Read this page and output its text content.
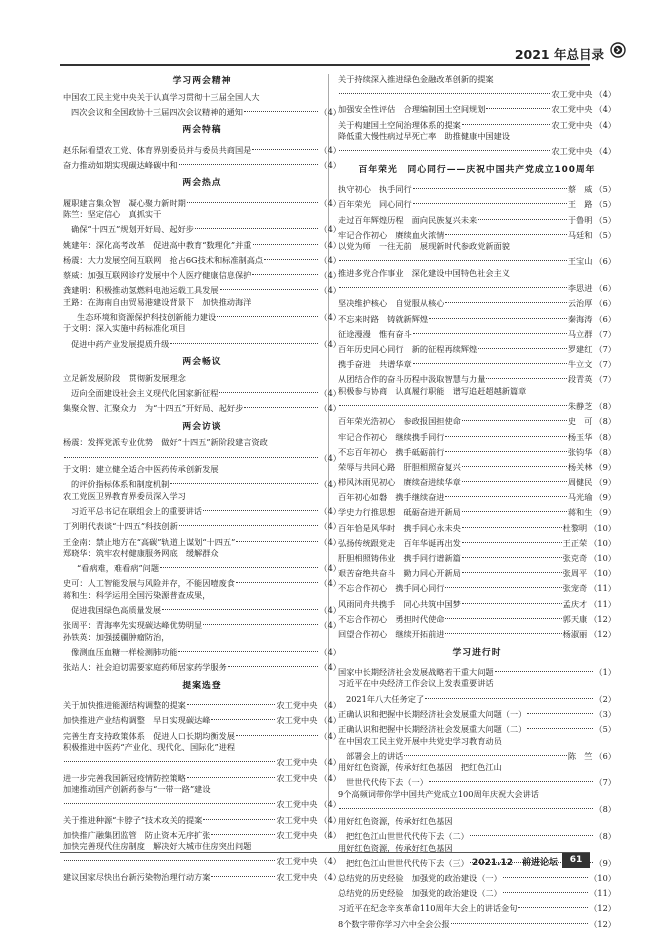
2021 年总目录
学习两会精神
中国农工民主党中央关于认真学习贯彻十三届全国人大
四次会议和全国政协十三届四次会议精神的通知	（4）
两会特稿
赵乐际看望农工党、体育界别委员并与委员共商国是	（4）
奋力推动如期实现碳达峰碳中和	（4）
两会热点
履职建言集众智　凝心聚力新时期	（4）
陈竺：坚定信心　真抓实干
确保“十四五”规划开好局、起好步	（4）
姚建年：深化高考改革　促进高中教育“数理化”并重	（4）
杨震：大力发展空间互联网　抢占6G技术和标准制高点	（4）
蔡威：加强互联网诊疗发展中个人医疗健康信息保护	（4）
龚建明：积极推动氢燃料电池运载工具发展	（4）
王路：在海南自由贸易港建设背景下　加快推动海洋
生态环境和资源保护科技创新能力建设	（4）
于文明：深入实施中药标准化项目
促进中药产业发展提质升级	（4）
两会畅议
立足新发展阶段　贯彻新发展理念
迈向全面建设社会主义现代化国家新征程	（4）
集聚众智、汇聚众力　为“十四五”开好局、起好步	（4）
两会访谈
杨震：发挥党派专业优势　做好“十四五”新阶段建言资政
（4）
于文明：建立健全适合中医药传承创新发展
的评价指标体系和制度机制	（4）
农工党医卫界教育界委员深入学习
习近平总书记在联组会上的重要讲话	（4）
丁列明代表谈“十四五”科技创新	（4）
王金南：禁止地方在“高碳”轨道上谋划“十四五”	（4）
郑晓华：筑牢农村健康服务网底　缓解群众
“看病难，难看病”问题	（4）
史可：人工智能发展与风险并存，不能因噎废食	（4）
蒋和生：科学运用全国污染源普查成果，
促进我国绿色高质量发展	（4）
张周平：青海率先实现碳达峰优势明显	（4）
孙铁英：加强援疆肿瘤防治，
像测血压血糖一样检测肺功能	（4）
张站人：社会迫切需要家庭药师居家药学服务	（4）
提案选登
关于加快推进能源结构调整的提案	农工党中央 （4）
加快推进产业结构调整　早日实现碳达峰	农工党中央 （4）
完善生育支持政策体系　促进人口长期均衡发展	（4）
积极推进中医药“产业化、现代化、国际化”进程
农工党中央 （4）
进一步完善我国新冠疫情防控策略	农工党中央 （4）
加速推动国产创新药参与“一带一路”建设
农工党中央 （4）
关于推进种源“卡脖子”技术攻关的提案	农工党中央 （4）
加快推广融集团监管　防止资本无序扩张	农工党中央 （4）
加快完善现代住房制度　解决好大城市住房突出问题
农工党中央 （4）
建议国家尽快出台新污染物治理行动方案	农工党中央 （4）
关于持续深入推进绿色金融改革创新的提案
农工党中央 （4）
加强安全性评估　合理编制国土空间规划	农工党中央 （4）
关于构建国土空间治理体系的提案	农工党中央 （4）
降低重大慢性病过早死亡率　助推健康中国建设
农工党中央 （4）
百年荣光　同心同行——庆祝中国共产党成立100周年
执守初心　执手同行	蔡　威 （5）
百年荣光　同心同行	王　路 （5）
走过百年辉煌历程　面向民族复兴未来	于鲁明 （5）
牢记合作初心　赓续血火浓情	马廷和 （5）
以党为师　一往无前　展现新时代参政党新面貌
王宝山 （6）
推进多党合作事业　深化建设中国特色社会主义
李思进 （6）
坚决维护核心　自觉服从核心	云治厚 （6）
不忘来时路　铸就新辉煌	秦海涛 （6）
征途漫漫　惟有奋斗	马立群 （7）
百年历史同心同行　新的征程再续辉煌	罗建红 （7）
携手奋进　共谱华章	牛立文 （7）
从团结合作的奋斗历程中汲取智慧与力量	段青英 （7）
积极参与协商　认真履行职能　谱写追赶超越新篇章
朱静芝 （8）
百年荣光浩初心　参政报国担使命	史　可 （8）
牢记合作初心　继续携手同行	杨玉华 （8）
不忘百年初心　携手砥砺前行	张钧华 （8）
荣辱与共同心路　肝胆相照奋复兴	杨关林 （9）
栉风沐雨见初心　赓续奋进续华章	周健民 （9）
百年初心如磐　携手继续奋进	马光瑜 （9）
学史力行推思想　砥砺奋进开新局	蒋和生 （9）
百年恰是风华时　携手同心永未央	杜黎明 （10）
弘扬传统跟党走　百年华诞再出发	王正荣 （10）
肝胆相照铸伟业　携手同行谱新篇	张克奇 （10）
艰苦奋绝共奋斗　勤力同心开新局	张周平 （10）
不忘合作初心　携手同心同行	张宠奇 （11）
风雨同舟共携手　同心共筑中国梦	孟庆才 （11）
不忘合作初心　勇担时代使命	郭天康 （12）
回望合作初心　继续开拓前进	杨淑丽 （12）
学习进行时
国家中长期经济社会发展战略若干重大问题	（1）
习近平在中央经济工作会议上发表重要讲话
2021年八大任务定了	（2）
正确认识和把握中长期经济社会发展重大问题（一）	（3）
正确认识和把握中长期经济社会发展重大问题（二）	（5）
在中国农工民主党开展中共党史学习教育动员
部署会上的讲话	陈　竺 （6）
用好红色资源，传承好红色基因　把红色江山
世世代代传下去（一）	（7）
9个高频词带你学中国共产党成立100周年庆祝大会讲话
（8）
用好红色资源，传承好红色基因
把红色江山世世代代传下去（二）	（8）
用好红色资源，传承好红色基因
把红色江山世世代代传下去（三）	（9）
总结党的历史经验　加强党的政治建设（一）	（10）
总结党的历史经验　加强党的政治建设（二）	（11）
习近平在纪念辛亥革命110周年大会上的讲话金句	（12）
8个数字带你学习六中全会公报	（12）
2021.12　前进论坛	61
